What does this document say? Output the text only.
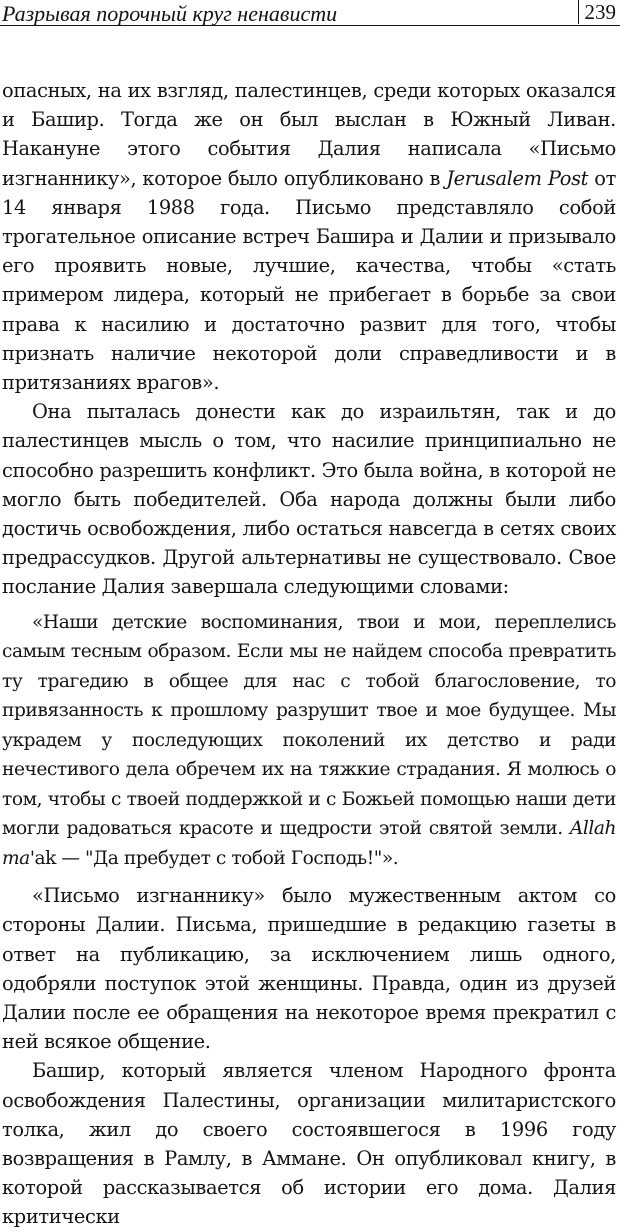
Разрывая порочный круг ненависти	239

опасных, на их взгляд, палестинцев, среди которых оказался и Башир. Тогда же он был выслан в Южный Ливан. Накануне этого события Далия написала «Письмо изгнаннику», которое было опубликовано в Jerusalem Post от 14 января 1988 года. Письмо представляло собой трогательное описание встреч Башира и Далии и призывало его проявить новые, лучшие, качества, чтобы «стать примером лидера, который не прибегает в борьбе за свои права к насилию и достаточно развит для того, чтобы признать наличие некоторой доли справедливости и в притязаниях врагов».

Она пыталась донести как до израильтян, так и до палестинцев мысль о том, что насилие принципиально не способно разрешить конфликт. Это была война, в которой не могло быть победителей. Оба народа должны были либо достичь освобождения, либо остаться навсегда в сетях своих предрассудков. Другой альтернативы не существовало. Свое послание Далия завершала следующими словами:

«Наши детские воспоминания, твои и мои, переплелись самым тесным образом. Если мы не найдем способа превратить ту трагедию в общее для нас с тобой благословение, то привязанность к прошлому разрушит твое и мое будущее. Мы украдем у последующих поколений их детство и ради нечестивого дела обречем их на тяжкие страдания. Я молюсь о том, чтобы с твоей поддержкой и с Божьей помощью наши дети могли радоваться красоте и щедрости этой святой земли. Allah ma'ak — "Да пребудет с тобой Господь!"».

«Письмо изгнаннику» было мужественным актом со стороны Далии. Письма, пришедшие в редакцию газеты в ответ на публикацию, за исключением лишь одного, одобряли поступок этой женщины. Правда, один из друзей Далии после ее обращения на некоторое время прекратил с ней всякое общение.

Башир, который является членом Народного фронта освобождения Палестины, организации милитаристского толка, жил до своего состоявшегося в 1996 году возвращения в Рамлу, в Аммане. Он опубликовал книгу, в которой рассказывается об истории его дома. Далия критически
